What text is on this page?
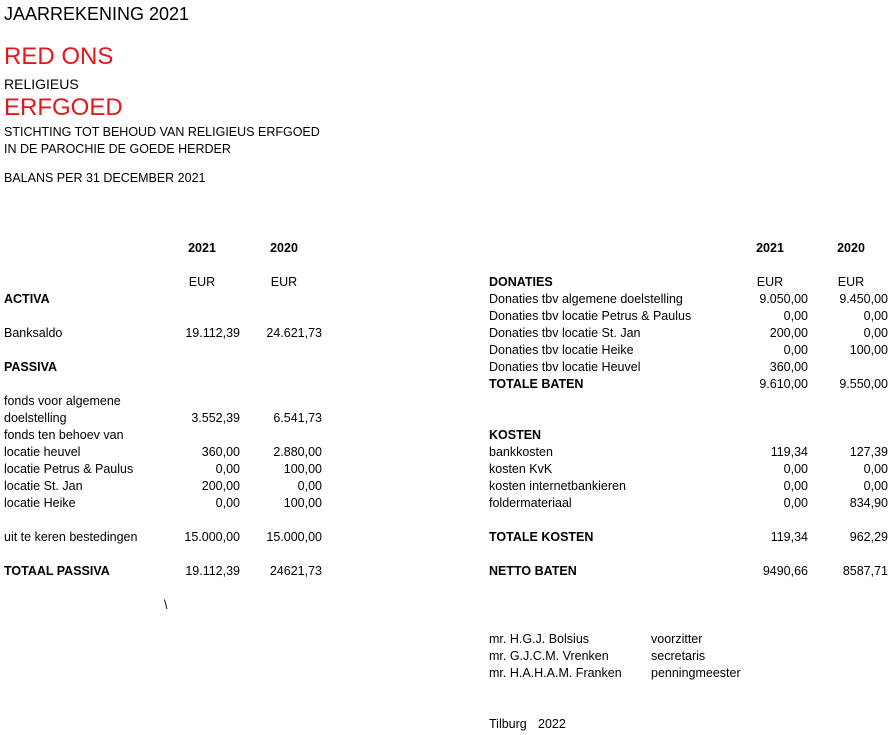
JAARREKENING 2021
RED ONS
RELIGIEUS
ERFGOED
STICHTING TOT BEHOUD VAN RELIGIEUS ERFGOED
IN DE PAROCHIE DE GOEDE HERDER
BALANS PER 31 DECEMBER 2021
2021	2020
EUR	EUR
ACTIVA
Banksaldo	19.112,39	24.621,73
PASSIVA
fonds voor algemene
doelstelling	3.552,39	6.541,73
fonds ten behoev van
locatie heuvel	360,00	2.880,00
locatie Petrus & Paulus	0,00	100,00
locatie St. Jan	200,00	0,00
locatie Heike	0,00	100,00
uit te keren bestedingen	15.000,00	15.000,00
TOTAAL PASSIVA	19.112,39	24621,73
\
2021	2020
EUR	EUR
DONATIES
Donaties tbv algemene doelstelling	9.050,00	9.450,00
Donaties tbv locatie Petrus & Paulus	0,00	0,00
Donaties tbv locatie St. Jan	200,00	0,00
Donaties tbv locatie Heike	0,00	100,00
Donaties tbv locatie Heuvel	360,00
TOTALE BATEN	9.610,00	9.550,00
KOSTEN
bankkosten	119,34	127,39
kosten KvK	0,00	0,00
kosten internetbankieren	0,00	0,00
foldermateriaal	0,00	834,90
TOTALE KOSTEN	119,34	962,29
NETTO BATEN	9490,66	8587,71
mr. H.G.J. Bolsius	voorzitter
mr. G.J.C.M. Vrenken	secretaris
mr. H.A.H.A.M. Franken penningmeester
Tilburg 2022
